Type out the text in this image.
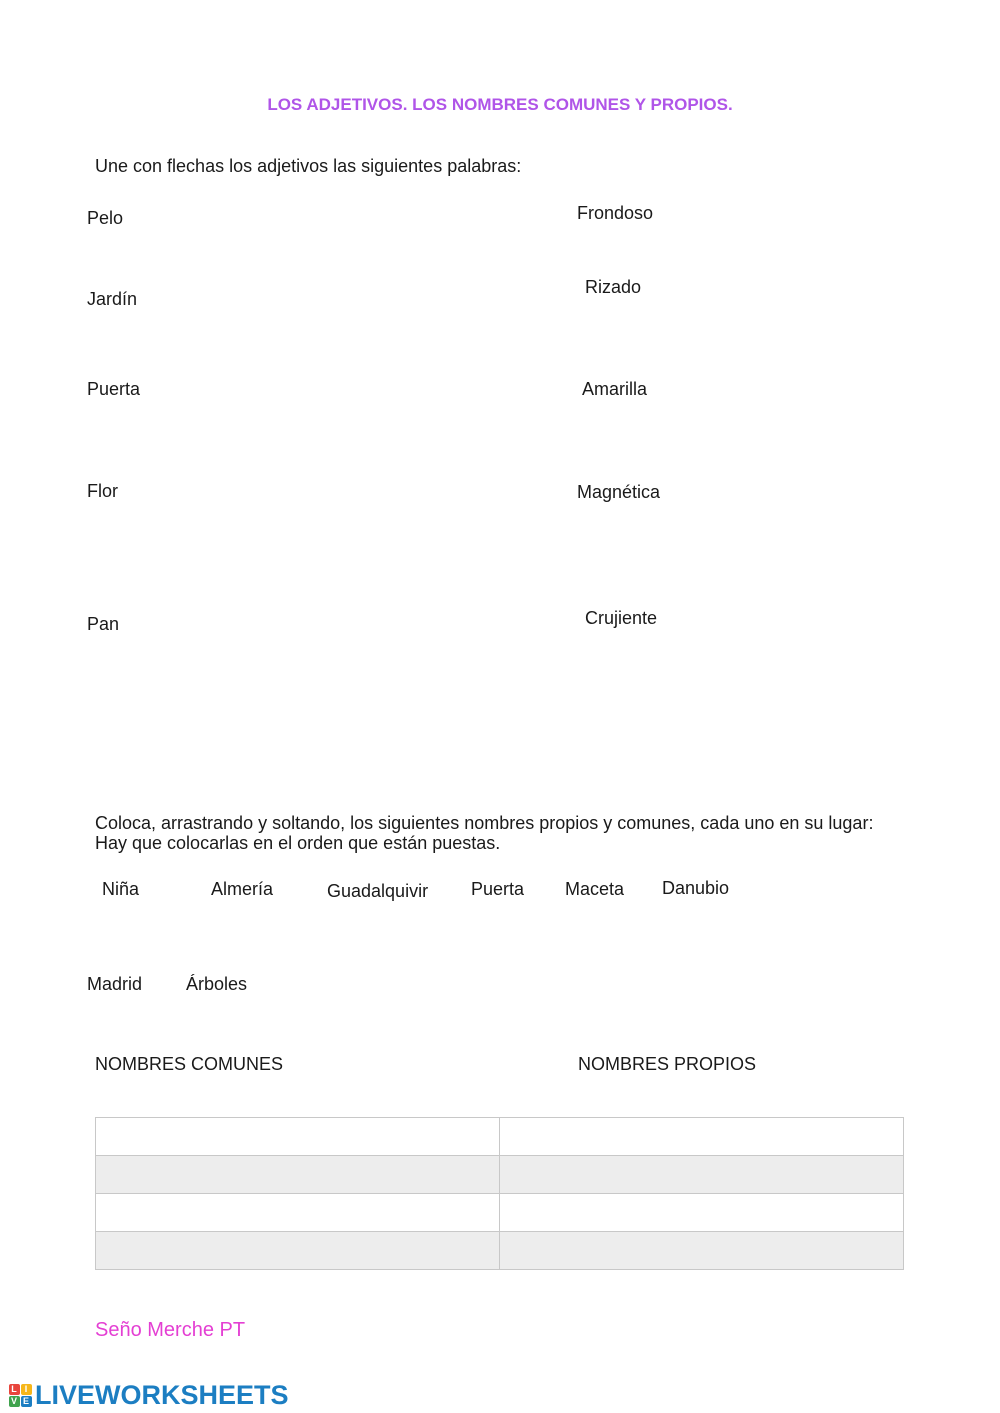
LOS ADJETIVOS. LOS NOMBRES COMUNES Y PROPIOS.
Une con flechas los adjetivos las siguientes palabras:
Pelo
Jardín
Puerta
Flor
Pan
Frondoso
Rizado
Amarilla
Magnética
Crujiente
Coloca, arrastrando y soltando, los siguientes nombres propios y comunes, cada uno en su lugar:
Hay que colocarlas en el orden que están puestas.
Niña	Almería	Guadalquivir Puerta Maceta Danubio
Madrid Árboles
NOMBRES COMUNES	NOMBRES PROPIOS

Seño Merche PT
L I
V E LIVEWORKSHEETS
